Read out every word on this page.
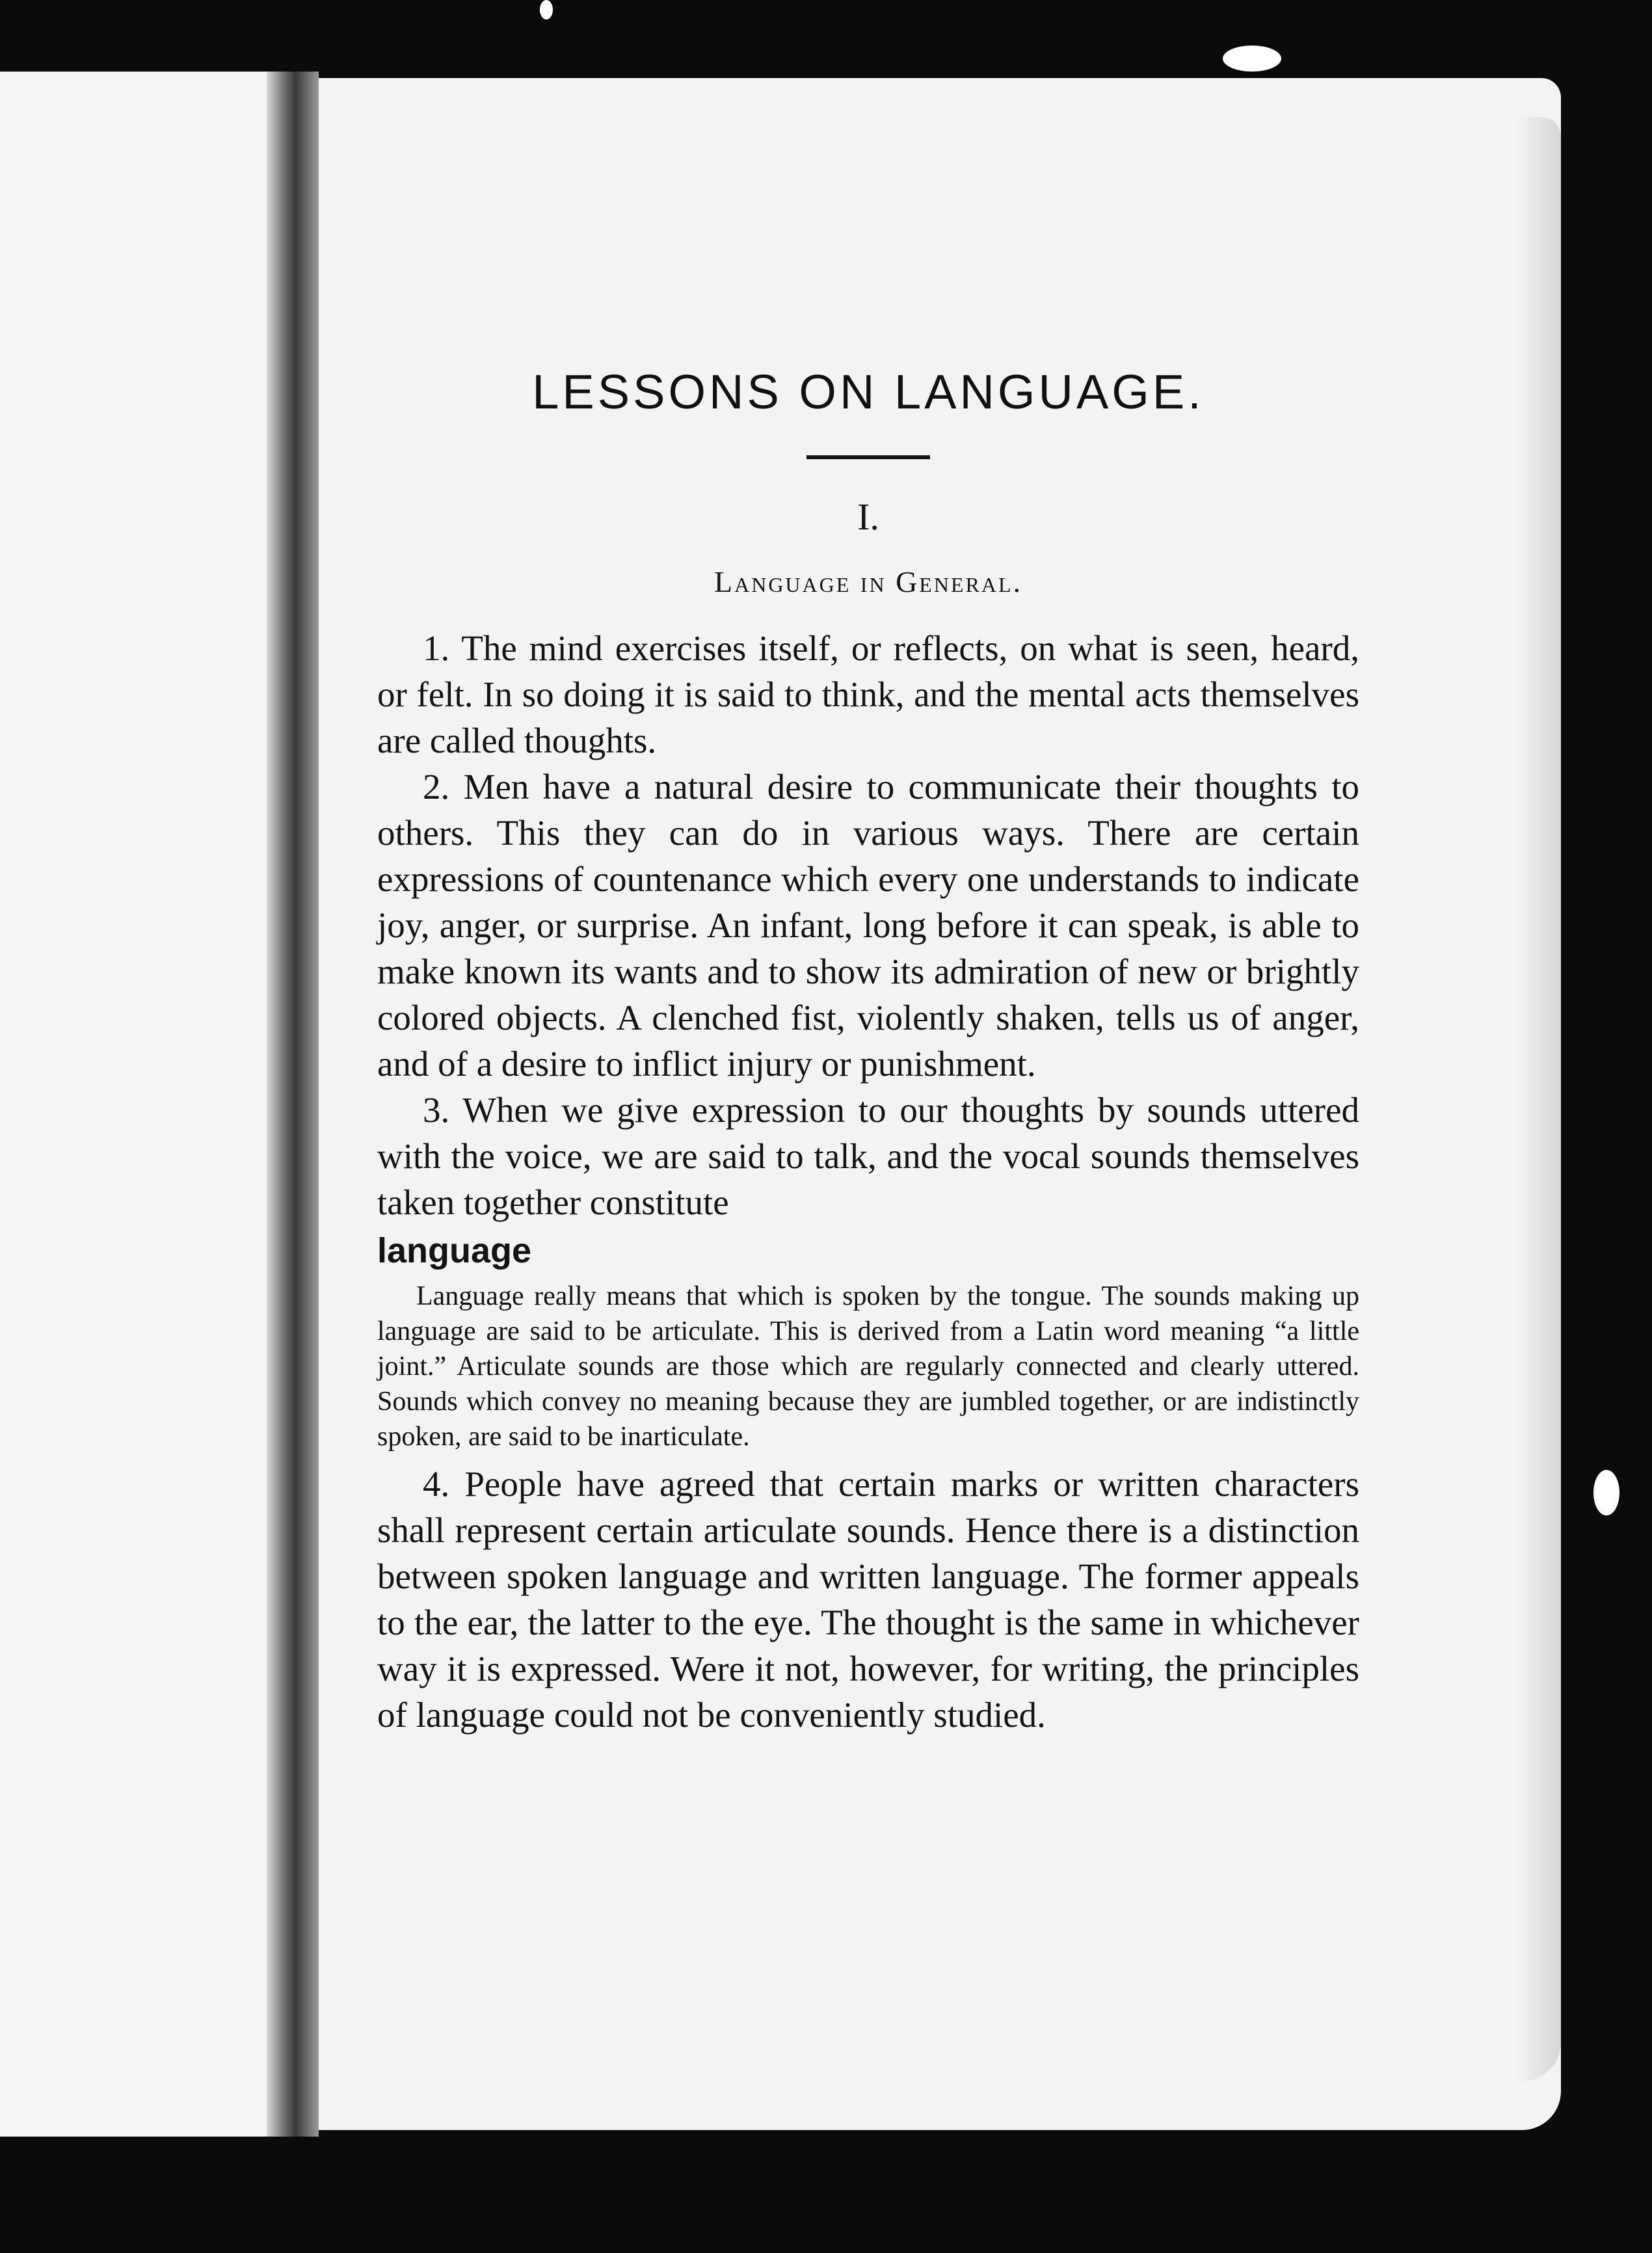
LESSONS ON LANGUAGE.
I.
Language in General.

1. The mind exercises itself, or reflects, on what is seen, heard, or felt. In so doing it is said to think, and the mental acts themselves are called thoughts.

2. Men have a natural desire to communicate their thoughts to others. This they can do in various ways. There are certain expressions of countenance which every one understands to indicate joy, anger, or surprise. An infant, long before it can speak, is able to make known its wants and to show its admiration of new or brightly colored objects. A clenched fist, violently shaken, tells us of anger, and of a desire to inflict injury or punishment.

3. When we give expression to our thoughts by sounds uttered with the voice, we are said to talk, and the vocal sounds themselves taken together constitute

language

Language really means that which is spoken by the tongue. The sounds making up language are said to be articulate. This is derived from a Latin word meaning “a little joint.” Articulate sounds are those which are regularly connected and clearly uttered. Sounds which convey no meaning because they are jumbled together, or are indistinctly spoken, are said to be inarticulate.

4. People have agreed that certain marks or written characters shall represent certain articulate sounds. Hence there is a distinction between spoken language and written language. The former appeals to the ear, the latter to the eye. The thought is the same in whichever way it is expressed. Were it not, however, for writing, the principles of language could not be conveniently studied.
